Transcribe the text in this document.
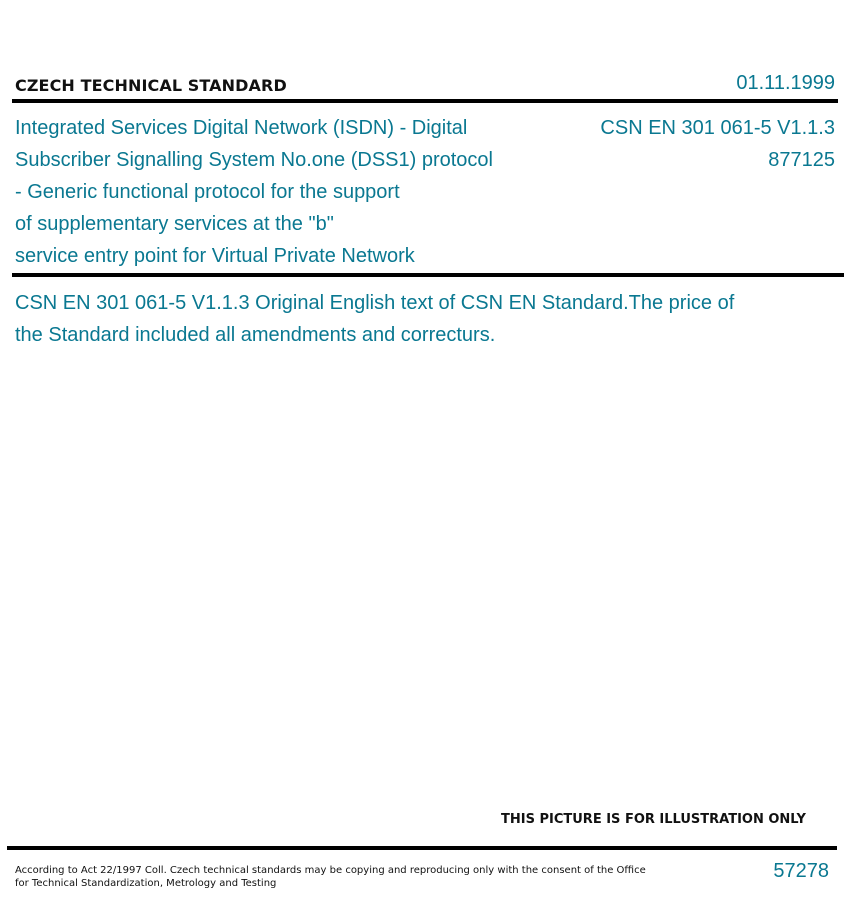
CZECH TECHNICAL STANDARD	01.11.1999
Integrated Services Digital Network (ISDN) - Digital
Subscriber Signalling System No.one (DSS1) protocol
- Generic functional protocol for the support
of supplementary services at the "b"
service entry point for Virtual Private Network
CSN EN 301 061-5 V1.1.3
877125
CSN EN 301 061-5 V1.1.3 Original English text of CSN EN Standard.The price of the Standard included all amendments and correcturs.
THIS PICTURE IS FOR ILLUSTRATION ONLY
According to Act 22/1997 Coll. Czech technical standards may be copying and reproducing only with the consent of the Office
for Technical Standardization, Metrology and Testing
57278
